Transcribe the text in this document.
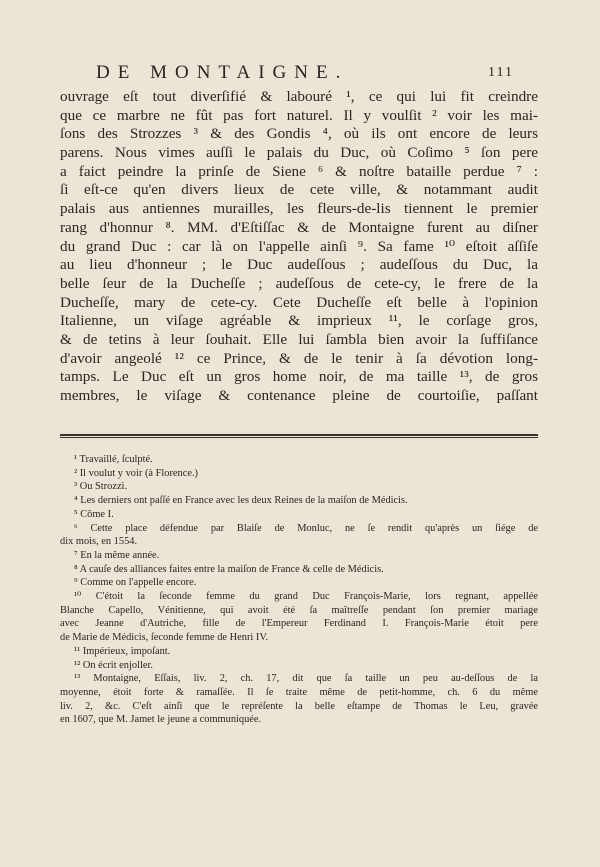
DE MONTAIGNE.	111
ouvrage eſt tout diverſifié & labouré ¹, ce qui lui fit creindre
que ce marbre ne fût pas fort naturel. Il y voulſit ² voir les mai-
ſons des Strozzes ³ & des Gondis ⁴, où ils ont encore de leurs
parens. Nous vimes auſſi le palais du Duc, où Coſimo ⁵ ſon pere
a faict peindre la prinſe de Siene ⁶ & noſtre bataille perdue ⁷ :
ſi eſt-ce qu'en divers lieux de cete ville, & notammant audit
palais aus antiennes murailles, les fleurs-de-lis tiennent le premier
rang d'honnur ⁸. MM. d'Eſtiſſac & de Montaigne furent au diſner
du grand Duc : car là on l'appelle ainſi ⁹. Sa fame ¹⁰ eſtoit aſſiſe
au lieu d'honneur ; le Duc audeſſous ; audeſſous du Duc, la
belle ſeur de la Ducheſſe ; audeſſous de cete-cy, le frere de la
Ducheſſe, mary de cete-cy. Cete Ducheſſe eſt belle à l'opinion
Italienne, un viſage agréable & imprieux ¹¹, le corſage gros,
& de tetins à leur ſouhait. Elle lui ſambla bien avoir la ſuffiſance
d'avoir angeolé ¹² ce Prince, & de le tenir à ſa dévotion long-
tamps. Le Duc eſt un gros home noir, de ma taille ¹³, de gros
membres, le viſage & contenance pleine de courtoiſie, paſſant
¹ Travaillé, ſculpté.
² Il voulut y voir (à Florence.)
³ Ou Strozzi.
⁴ Les derniers ont paſſé en France avec les deux Reines de la maiſon de Médicis.
⁵ Côme I.
⁶ Cette place défendue par Blaiſe de Monluc, ne ſe rendit qu'après un ſiége de
dix mois, en 1554.
⁷ En la même année.
⁸ A cauſe des alliances faites entre la maiſon de France & celle de Médicis.
⁹ Comme on l'appelle encore.
¹⁰ C'étoit la ſeconde femme du grand Duc François-Marie, lors regnant, appellée
Blanche Capello, Vénitienne, qui avoit été ſa maîtreſſe pendant ſon premier mariage
avec Jeanne d'Autriche, fille de l'Empereur Ferdinand I. François-Marie étoit pere
de Marie de Médicis, ſeconde femme de Henri IV.
¹¹ Impérieux, impoſant.
¹² On écrit enjoller.
¹³ Montaigne, Eſſais, liv. 2, ch. 17, dit que ſa taille un peu au-deſſous de la
moyenne, étoit forte & ramaſſée. Il ſe traite même de petit-homme, ch. 6 du même
liv. 2, &c. C'eſt ainſi que le repréſente la belle eſtampe de Thomas le Leu, gravée
en 1607, que M. Jamet le jeune a communiquée.
